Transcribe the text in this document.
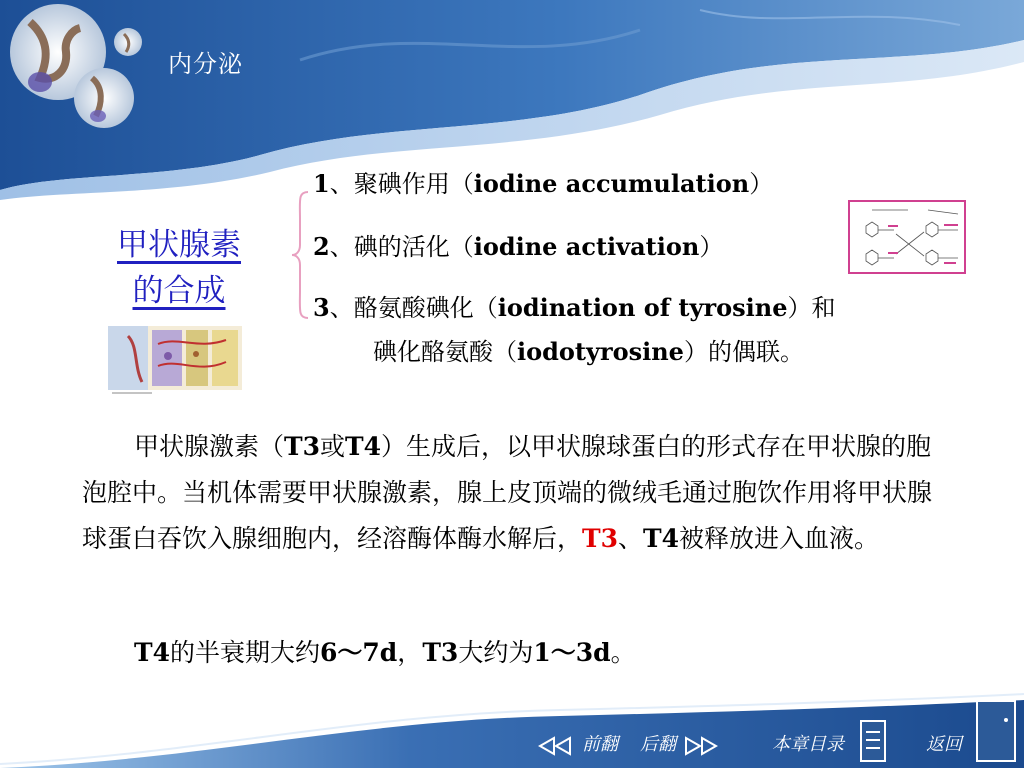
内分泌
甲状腺素
的合成
1、聚碘作用（iodine accumulation）
2、碘的活化（iodine activation）
3、酪氨酸碘化（iodination of tyrosine）和
碘化酪氨酸（iodotyrosine）的偶联。

甲状腺激素（T3或T4）生成后，以甲状腺球蛋白的形式存在甲状腺的胞泡腔中。当机体需要甲状腺激素，腺上皮顶端的微绒毛通过胞饮作用将甲状腺球蛋白吞饮入腺细胞内，经溶酶体酶水解后，T3、T4被释放进入血液。

T4的半衰期大约6～7d，T3大约为1～3d。

前翻 后翻	本章目录	返回
